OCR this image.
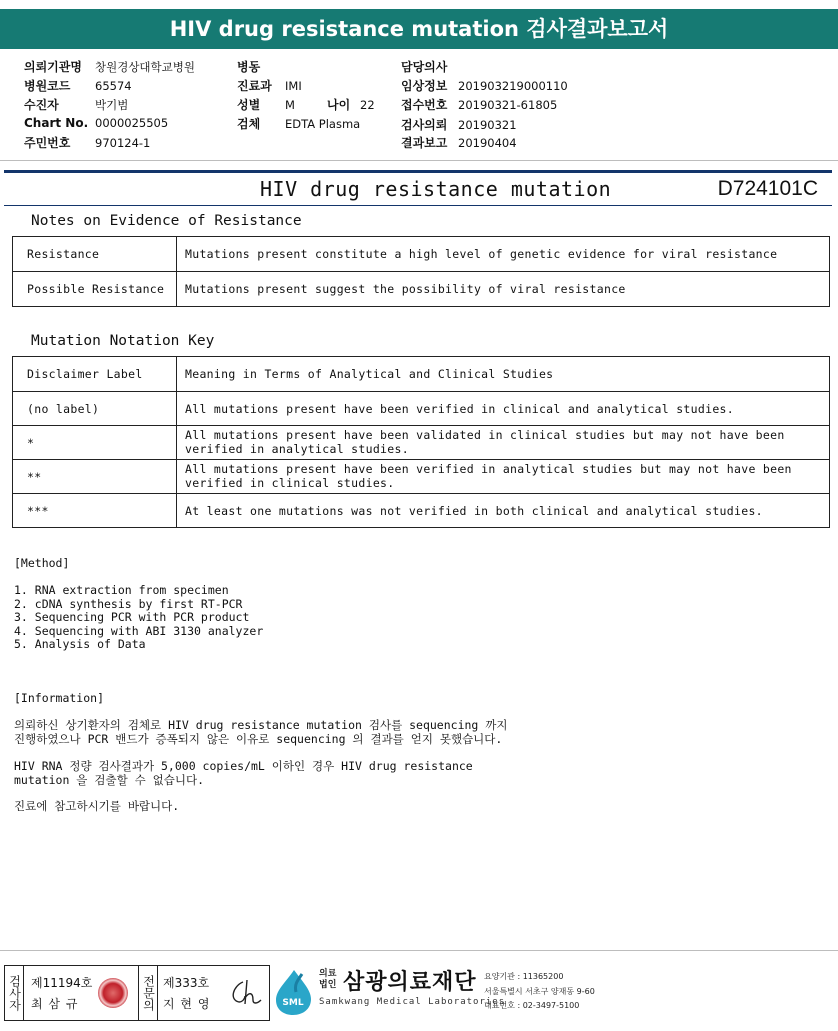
HIV drug resistance mutation 검사결과보고서
의뢰기관명 창원경상대학교병원
병원코드 65574
수진자	박기범
Chart No. 0000025505
주민번호 970124-1
병동
진료과 IMI
성별 M	나이 22
검체 EDTA Plasma
담당의사
임상정보 201903219000110
접수번호 20190321-61805
검사의뢰 20190321
결과보고 20190404
HIV drug resistance mutation	D724101C
Notes on Evidence of Resistance
Resistance	Mutations present constitute a high level of genetic evidence for viral resistance
Possible Resistance	Mutations present suggest the possibility of viral resistance
Mutation Notation Key
Disclaimer Label	Meaning in Terms of Analytical and Clinical Studies
(no label)	All mutations present have been verified in clinical and analytical studies.
*	All mutations present have been validated in clinical studies but may not have been verified in analytical studies.
**	All mutations present have been verified in analytical studies but may not have been verified in clinical studies.
***	At least one mutations was not verified in both clinical and analytical studies.
[Method]
1. RNA extraction from specimen
2. cDNA synthesis by first RT-PCR
3. Sequencing PCR with PCR product
4. Sequencing with ABI 3130 analyzer
5. Analysis of Data
[Information]
의뢰하신 상기환자의 검체로 HIV drug resistance mutation 검사를 sequencing 까지
진행하였으나 PCR 밴드가 증폭되지 않은 이유로 sequencing 의 결과를 얻지 못했습니다.
HIV RNA 정량 검사결과가 5,000 copies/mL 이하인 경우 HIV drug resistance
mutation 을 검출할 수 없습니다.
진료에 참고하시기를 바랍니다.
검사자 제11194호
최 삼 규	전문의 제333호
지 현 영	SML
의료
법인 삼광의료재단
Samkwang Medical Laboratories
요양기관 : 11365200
서울특별시 서초구 양재동 9-60
대표번호 : 02-3497-5100
